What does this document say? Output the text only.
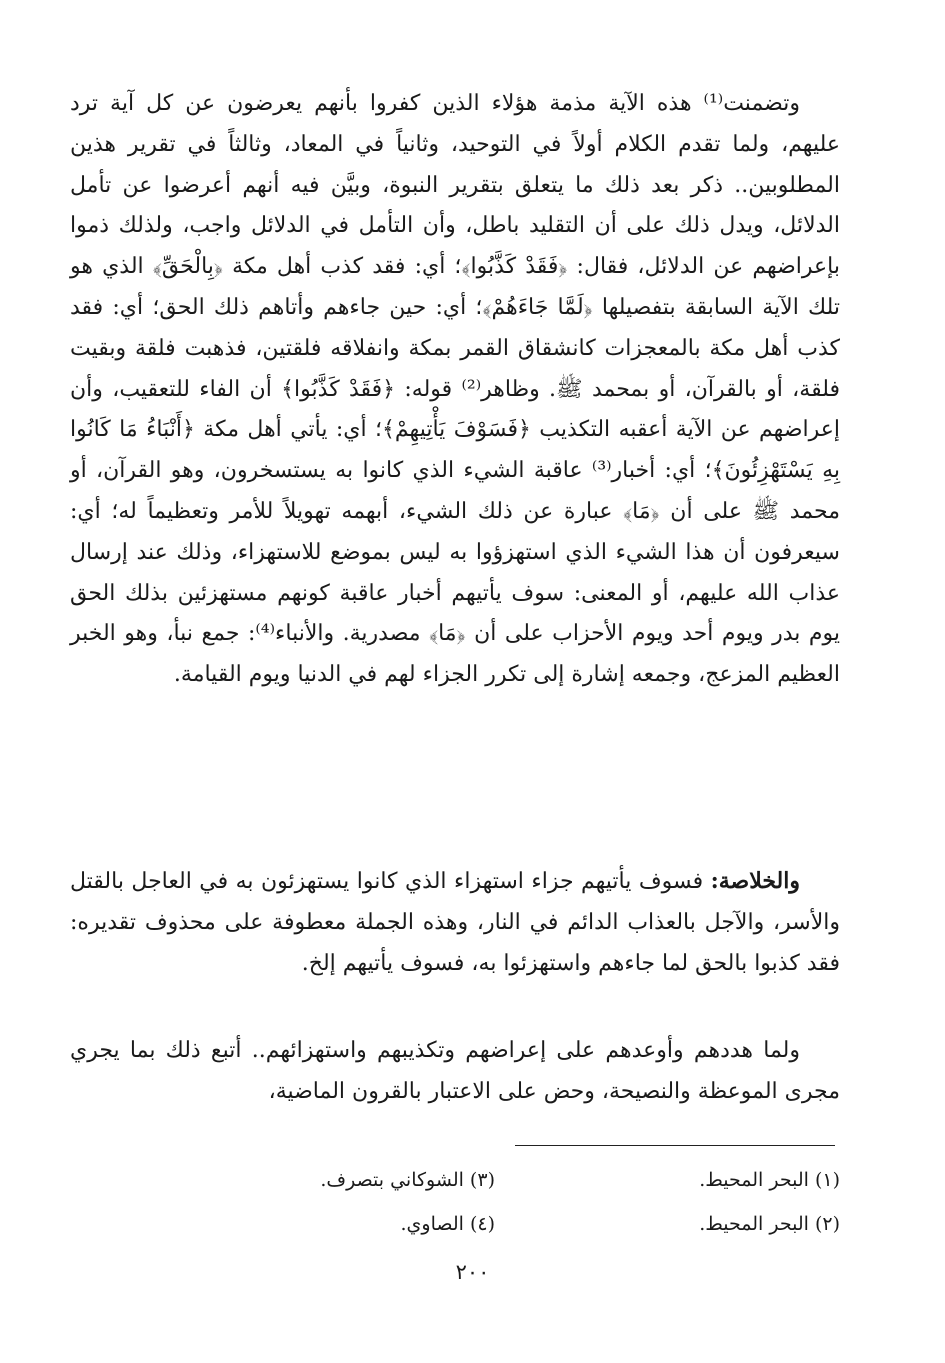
وتضمنت⁽¹⁾ هذه الآية مذمة هؤلاء الذين كفروا بأنهم يعرضون عن كل آية ترد عليهم، ولما تقدم الكلام أولاً في التوحيد، وثانياً في المعاد، وثالثاً في تقرير هذين المطلوبين.. ذكر بعد ذلك ما يتعلق بتقرير النبوة، وبيَّن فيه أنهم أعرضوا عن تأمل الدلائل، ويدل ذلك على أن التقليد باطل، وأن التأمل في الدلائل واجب، ولذلك ذموا بإعراضهم عن الدلائل، فقال: ﴿فَقَدْ كَذَّبُوا﴾؛ أي: فقد كذب أهل مكة ﴿بِالْحَقِّ﴾ الذي هو تلك الآية السابقة بتفصيلها ﴿لَمَّا جَاءَهُمْ﴾؛ أي: حين جاءهم وأتاهم ذلك الحق؛ أي: فقد كذب أهل مكة بالمعجزات كانشقاق القمر بمكة وانفلاقه فلقتين، فذهبت فلقة وبقيت فلقة، أو بالقرآن، أو بمحمد ﷺ. وظاهر⁽²⁾ قوله: ﴿فَقَدْ كَذَّبُوا﴾ أن الفاء للتعقيب، وأن إعراضهم عن الآية أعقبه التكذيب ﴿فَسَوْفَ يَأْتِيهِمْ﴾؛ أي: يأتي أهل مكة ﴿أَنْبَاءُ مَا كَانُوا بِهِ يَسْتَهْزِئُونَ﴾؛ أي: أخبار⁽³⁾ عاقبة الشيء الذي كانوا به يستسخرون، وهو القرآن، أو محمد ﷺ على أن ﴿مَا﴾ عبارة عن ذلك الشيء، أبهمه تهويلاً للأمر وتعظيماً له؛ أي: سيعرفون أن هذا الشيء الذي استهزؤوا به ليس بموضع للاستهزاء، وذلك عند إرسال عذاب الله عليهم، أو المعنى: سوف يأتيهم أخبار عاقبة كونهم مستهزئين بذلك الحق يوم بدر ويوم أحد ويوم الأحزاب على أن ﴿مَا﴾ مصدرية. والأنباء⁽⁴⁾: جمع نبأ، وهو الخبر العظيم المزعج، وجمعه إشارة إلى تكرر الجزاء لهم في الدنيا ويوم القيامة.

والخلاصة: فسوف يأتيهم جزاء استهزاء الذي كانوا يستهزئون به في العاجل بالقتل والأسر، والآجل بالعذاب الدائم في النار، وهذه الجملة معطوفة على محذوف تقديره: فقد كذبوا بالحق لما جاءهم واستهزئوا به، فسوف يأتيهم إلخ.

ولما هددهم وأوعدهم على إعراضهم وتكذيبهم واستهزائهم.. أتبع ذلك بما يجري مجرى الموعظة والنصيحة، وحض على الاعتبار بالقرون الماضية،

(١) البحر المحيط.
(٣) الشوكاني بتصرف.
(٢) البحر المحيط.
(٤) الصاوي.
٢٠٠
